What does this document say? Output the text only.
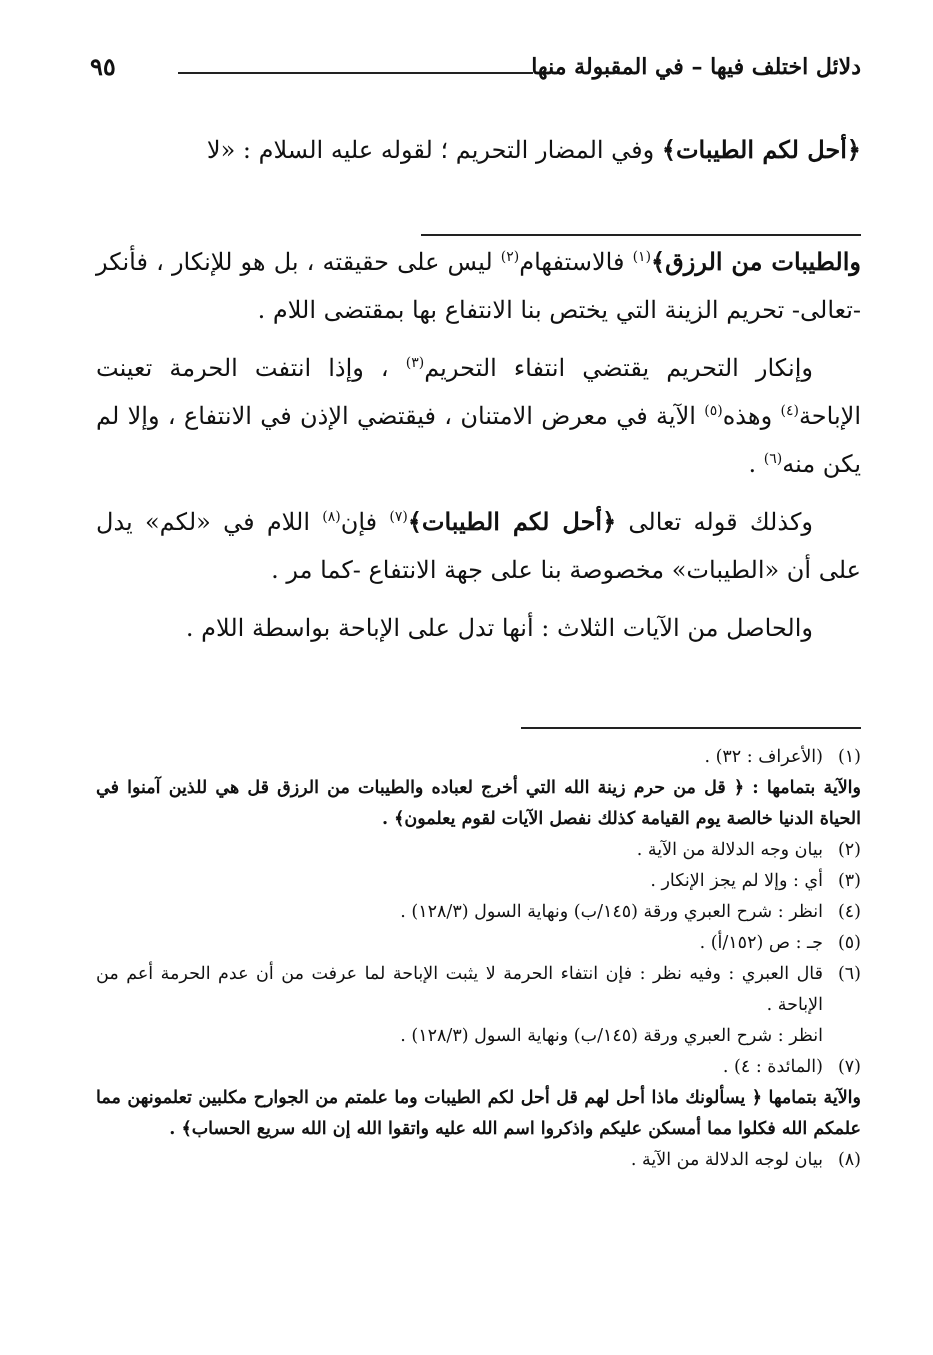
دلائل اختلف فيها – في المقبولة منها
٩٥

﴿أحل لكم الطيبات﴾ وفي المضار التحريم ؛ لقوله عليه السلام : «لا

والطيبات من الرزق﴾$^{(١)}$ فالاستفهام$^{(٢)}$ ليس على حقيقته ، بل هو للإنكار ، فأنكر -تعالى- تحريم الزينة التي يختص بنا الانتفاع بها بمقتضى اللام .

وإنكار التحريم يقتضي انتفاء التحريم$^{(٣)}$ ، وإذا انتفت الحرمة تعينت الإباحة$^{(٤)}$ وهذه$^{(٥)}$ الآية في معرض الامتنان ، فيقتضي الإذن في الانتفاع ، وإلا لم يكن منه$^{(٦)}$ .

وكذلك قوله تعالى ﴿أحل لكم الطيبات﴾$^{(٧)}$ فإن$^{(٨)}$ اللام في «لكم» يدل على أن «الطيبات» مخصوصة بنا على جهة الانتفاع -كما مر .

والحاصل من الآيات الثلاث : أنها تدل على الإباحة بواسطة اللام .

(١)
(الأعراف : ٣٢) .
والآية بتمامها : ﴿ قل من حرم زينة الله التي أخرج لعباده والطيبات من الرزق قل هي للذين آمنوا في الحياة الدنيا خالصة يوم القيامة كذلك نفصل الآيات لقوم يعلمون﴾ .
(٢)
بيان وجه الدلالة من الآية .
(٣)
أي : وإلا لم يجز الإنكار .
(٤)
انظر : شرح العبري ورقة (١٤٥/ب) ونهاية السول (١٢٨/٣) .
(٥)
جـ : ص (١٥٢/أ) .
(٦)
قال العبري : وفيه نظر : فإن انتفاء الحرمة لا يثبت الإباحة لما عرفت من أن عدم الحرمة أعم من الإباحة .
انظر : شرح العبري ورقة (١٤٥/ب) ونهاية السول (١٢٨/٣) .
(٧)
(المائدة : ٤) .
والآية بتمامها ﴿ يسألونك ماذا أحل لهم قل أحل لكم الطيبات وما علمتم من الجوارح مكلبين تعلمونهن مما علمكم الله فكلوا مما أمسكن عليكم واذكروا اسم الله عليه واتقوا الله إن الله سريع الحساب﴾ .
(٨)
بيان لوجه الدلالة من الآية .
